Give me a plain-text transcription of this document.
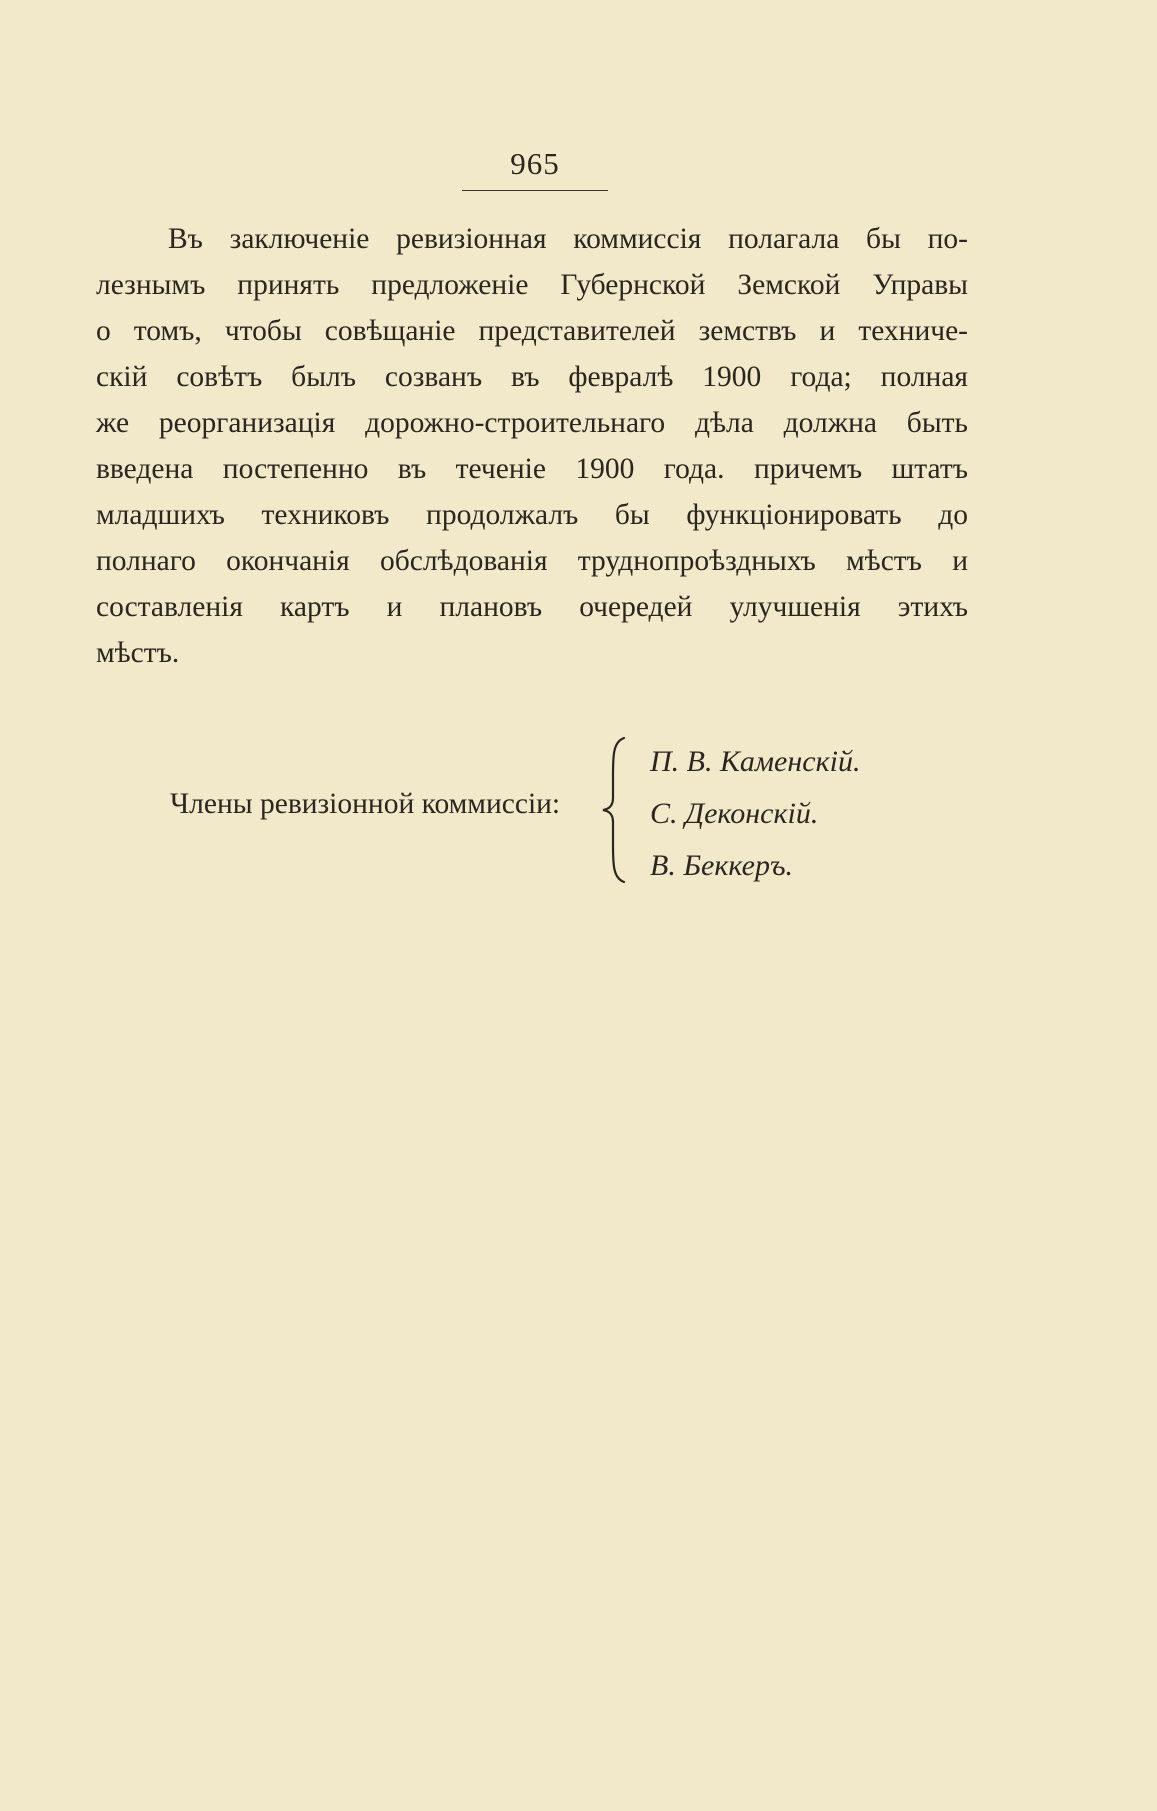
965
Въ заключеніе ревизіонная коммиссія полагала бы по-
лезнымъ принять предложеніе Губернской Земской Управы
о томъ, чтобы совѣщаніе представителей земствъ и техниче-
скій совѣтъ былъ созванъ въ февралѣ 1900 года; полная
же реорганизація дорожно-строительнаго дѣла должна быть
введена постепенно въ теченіе 1900 года. причемъ штатъ
младшихъ техниковъ продолжалъ бы функціонировать до
полнаго окончанія обслѣдованія труднопроѣздныхъ мѣстъ и
составленія картъ и плановъ очередей улучшенія этихъ
мѣстъ.
Члены ревизіонной коммиссіи:
П. В. Каменскій.
С. Деконскій.
В. Беккеръ.
